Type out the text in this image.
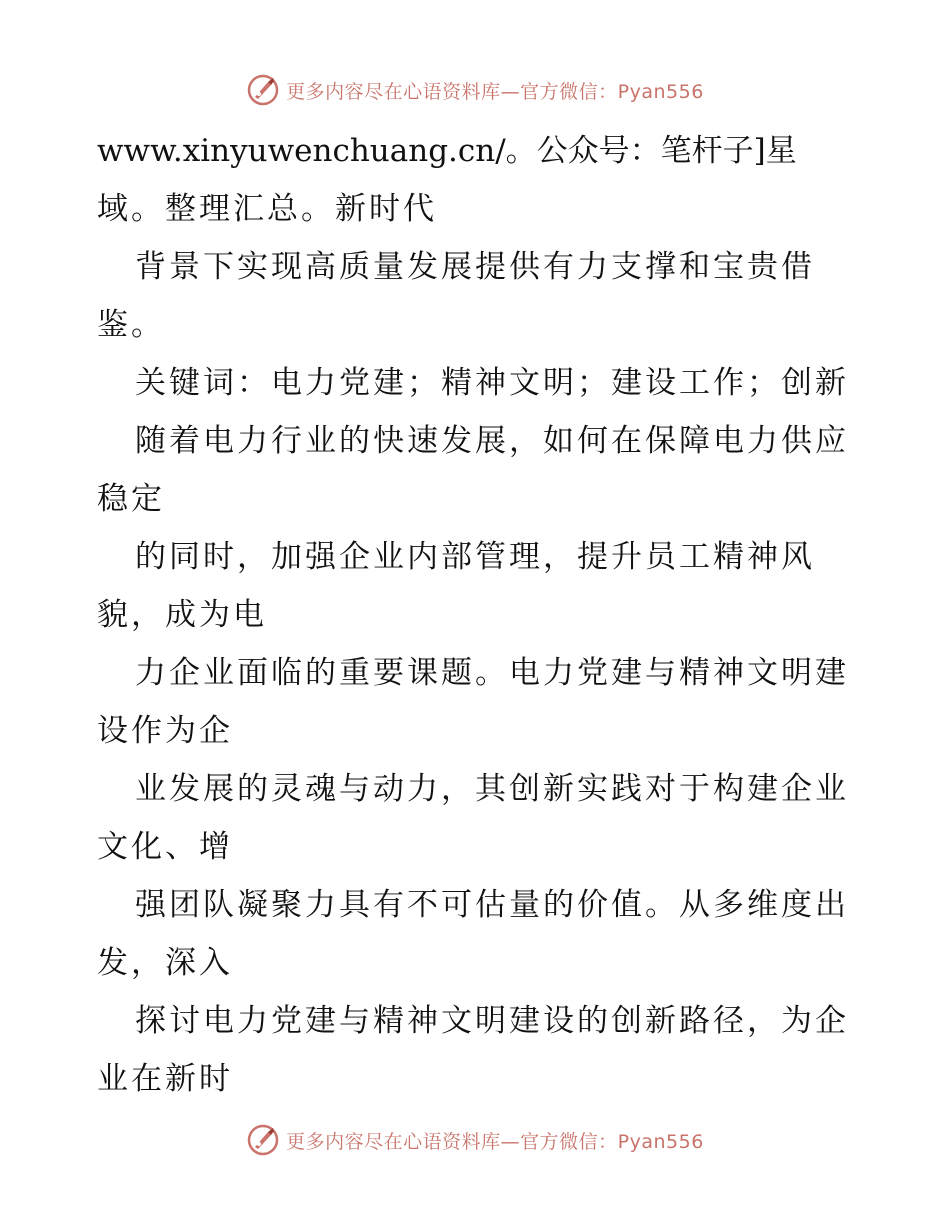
更多内容尽在心语资料库—官方微信：Pyan556
www.xinyuwenchuang.cn/。公众号：笔杆子]星
域。整理汇总。新时代
背景下实现高质量发展提供有力支撑和宝贵借
鉴。
关键词：电力党建；精神文明；建设工作；创新
随着电力行业的快速发展，如何在保障电力供应
稳定
的同时，加强企业内部管理，提升员工精神风
貌，成为电
力企业面临的重要课题。电力党建与精神文明建
设作为企
业发展的灵魂与动力，其创新实践对于构建企业
文化、增
强团队凝聚力具有不可估量的价值。从多维度出
发，深入
探讨电力党建与精神文明建设的创新路径，为企
业在新时
更多内容尽在心语资料库—官方微信：Pyan556
